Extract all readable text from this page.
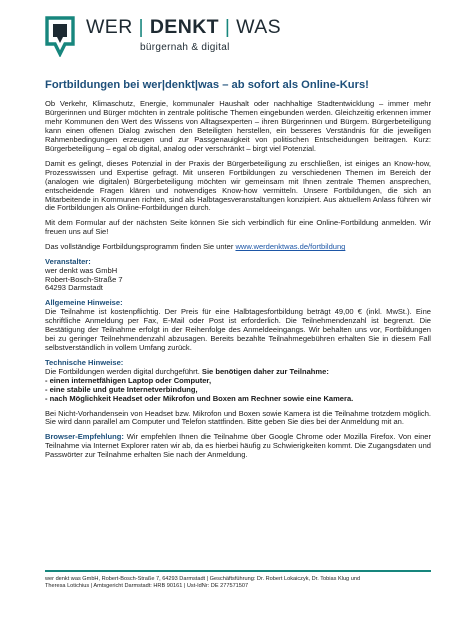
WER | DENKT | WAS
bürgernah & digital
Fortbildungen bei wer|denkt|was – ab sofort als Online-Kurs!

Ob Verkehr, Klimaschutz, Energie, kommunaler Haushalt oder nachhaltige Stadtentwicklung – immer mehr Bürgerinnen und Bürger möchten in zentrale politische Themen eingebunden werden. Gleichzeitig erkennen immer mehr Kommunen den Wert des Wissens von Alltagsexperten – ihren Bürgerinnen und Bürgern. Bürgerbeteiligung kann einen offenen Dialog zwischen den Beteiligten herstellen, ein besseres Verständnis für die jeweiligen Rahmenbedingungen erzeugen und zur Passgenauigkeit von politischen Entscheidungen beitragen. Kurz: Bürgerbeteiligung – egal ob digital, analog oder verschränkt – birgt viel Potenzial.

Damit es gelingt, dieses Potenzial in der Praxis der Bürgerbeteiligung zu erschließen, ist einiges an Know-how, Prozesswissen und Expertise gefragt. Mit unseren Fortbildungen zu verschiedenen Themen im Bereich der (analogen wie digitalen) Bürgerbeteiligung möchten wir gemeinsam mit Ihnen zentrale Themen ansprechen, entscheidende Fragen klären und notwendiges Know-how vermitteln. Unsere Fortbildungen, die sich an Mitarbeitende in Kommunen richten, sind als Halbtagesveranstaltungen konzipiert. Aus aktuellem Anlass führen wir die Fortbildungen als Online-Fortbildungen durch.

Mit dem Formular auf der nächsten Seite können Sie sich verbindlich für eine Online-Fortbildung anmelden. Wir freuen uns auf Sie!

Das vollständige Fortbildungsprogramm finden Sie unter www.werdenktwas.de/fortbildung

Veranstalter:
wer denkt was GmbH
Robert-Bosch-Straße 7
64293 Darmstadt
Allgemeine Hinweise:

Die Teilnahme ist kostenpflichtig. Der Preis für eine Halbtagesfortbildung beträgt 49,00 € (inkl. MwSt.). Eine schriftliche Anmeldung per Fax, E-Mail oder Post ist erforderlich. Die Teilnehmendenzahl ist begrenzt. Die Bestätigung der Teilnahme erfolgt in der Reihenfolge des Anmeldeeingangs. Wir behalten uns vor, Fortbildungen bei zu geringer Teilnehmendenzahl abzusagen. Bereits bezahlte Teilnahmegebühren erhalten Sie in diesem Fall selbstverständlich in vollem Umfang zurück.

Technische Hinweise:

Die Fortbildungen werden digital durchgeführt. Sie benötigen daher zur Teilnahme:

- einen internetfähigen Laptop oder Computer,

- eine stabile und gute Internetverbindung,

- nach Möglichkeit Headset oder Mikrofon und Boxen am Rechner sowie eine Kamera.

Bei Nicht-Vorhandensein von Headset bzw. Mikrofon und Boxen sowie Kamera ist die Teilnahme trotzdem möglich. Sie wird dann parallel am Computer und Telefon stattfinden. Bitte geben Sie dies bei der Anmeldung mit an.

Browser-Empfehlung: Wir empfehlen Ihnen die Teilnahme über Google Chrome oder Mozilla Firefox. Von einer Teilnahme via Internet Explorer raten wir ab, da es hierbei häufig zu Schwierigkeiten kommt. Die Zugangsdaten und Passwörter zur Teilnahme erhalten Sie nach der Anmeldung.

wer denkt was GmbH, Robert-Bosch-Straße 7, 64293 Darmstadt | Geschäftsführung: Dr. Robert Lokaiczyk, Dr. Tobias Klug und
Theresa Lotichius | Amtsgericht Darmstadt: HRB 90161 | Ust-IdNr: DE 277571507
